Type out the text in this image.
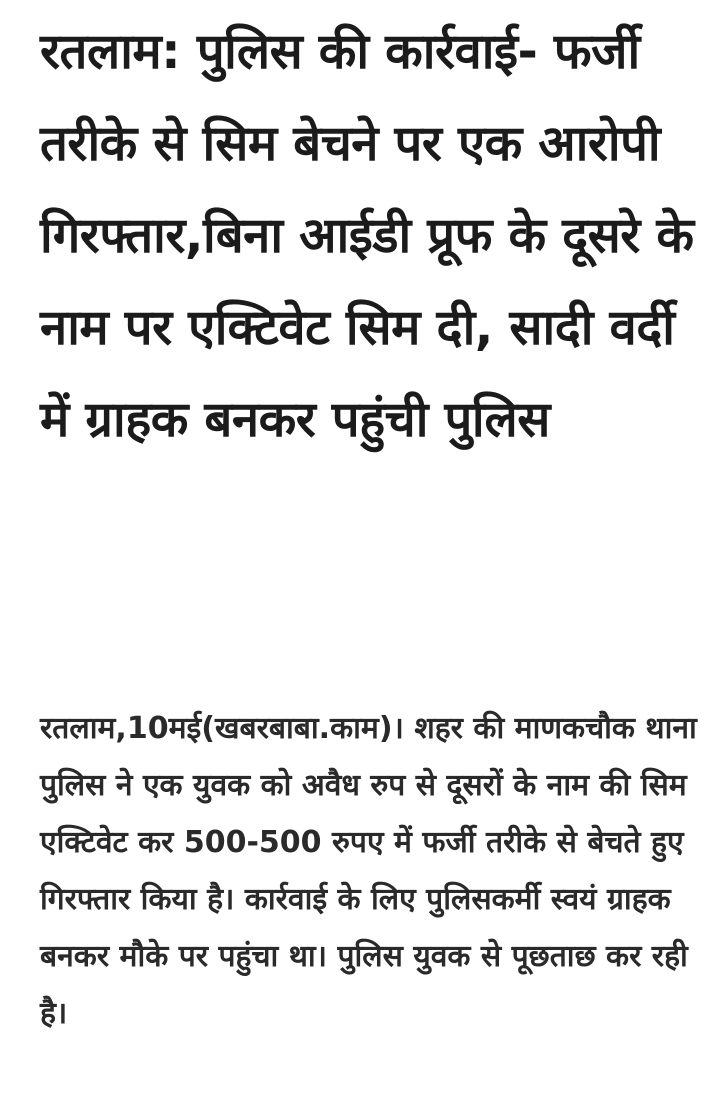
रतलाम: पुलिस की कार्रवाई- फर्जी तरीके से सिम बेचने पर एक आरोपी गिरफ्तार,बिना आईडी प्रूफ के दूसरे के नाम पर एक्टिवेट सिम दी, सादी वर्दी में ग्राहक बनकर पहुंची पुलिस

रतलाम,10मई(खबरबाबा.काम)। शहर की माणकचौक थाना पुलिस ने एक युवक को अवैध रुप से दूसरों के नाम की सिम एक्टिवेट कर 500-500 रुपए में फर्जी तरीके से बेचते हुए गिरफ्तार किया है। कार्रवाई के लिए पुलिसकर्मी स्वयं ग्राहक बनकर मौके पर पहुंचा था। पुलिस युवक से पूछताछ कर रही है।
